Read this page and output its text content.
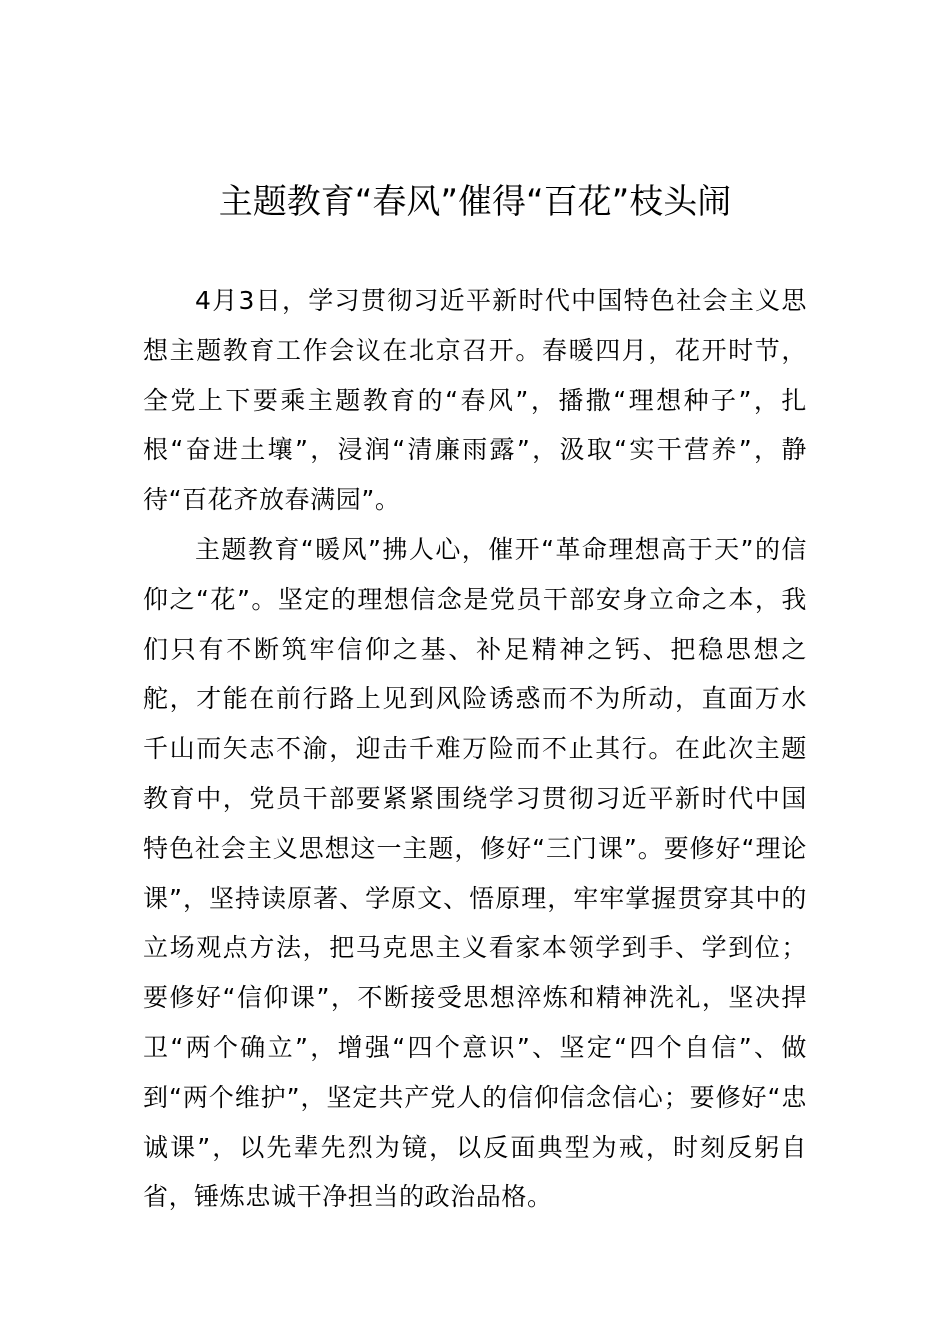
主题教育“春风”催得“百花”枝头闹

4月3日，学习贯彻习近平新时代中国特色社会主义思想主题教育工作会议在北京召开。春暖四月，花开时节，全党上下要乘主题教育的“春风”，播撒“理想种子”，扎根“奋进土壤”，浸润“清廉雨露”，汲取“实干营养”，静待“百花齐放春满园”。

主题教育“暖风”拂人心，催开“革命理想高于天”的信仰之“花”。坚定的理想信念是党员干部安身立命之本，我们只有不断筑牢信仰之基、补足精神之钙、把稳思想之舵，才能在前行路上见到风险诱惑而不为所动，直面万水千山而矢志不渝，迎击千难万险而不止其行。在此次主题教育中，党员干部要紧紧围绕学习贯彻习近平新时代中国特色社会主义思想这一主题，修好“三门课”。要修好“理论课”，坚持读原著、学原文、悟原理，牢牢掌握贯穿其中的立场观点方法，把马克思主义看家本领学到手、学到位；要修好“信仰课”，不断接受思想淬炼和精神洗礼，坚决捍卫“两个确立”，增强“四个意识”、坚定“四个自信”、做到“两个维护”，坚定共产党人的信仰信念信心；要修好“忠诚课”，以先辈先烈为镜，以反面典型为戒，时刻反躬自省，锤炼忠诚干净担当的政治品格。
